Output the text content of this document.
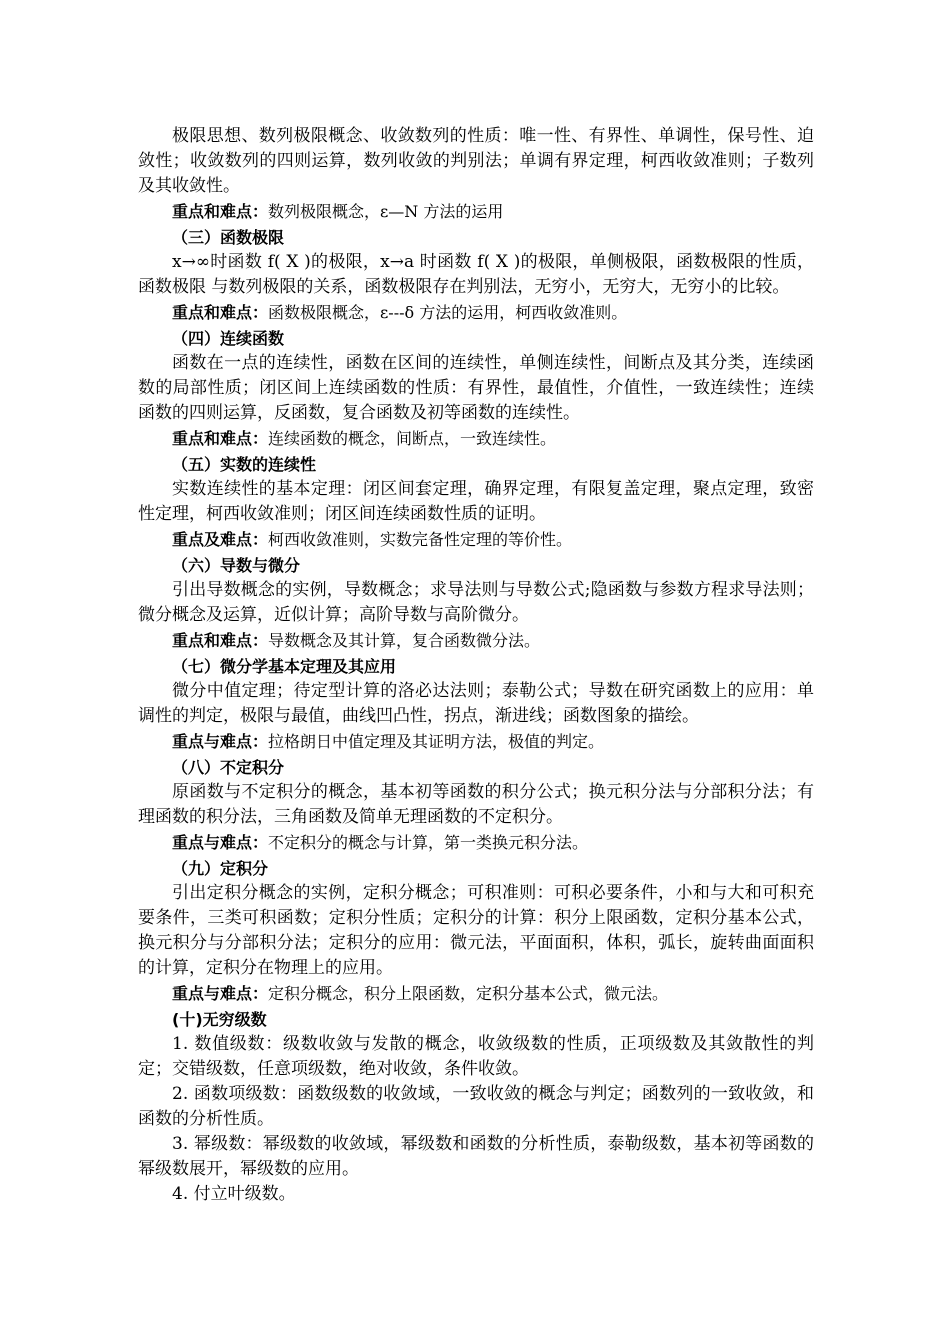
极限思想、数列极限概念、收敛数列的性质：唯一性、有界性、单调性，保号性、迫敛性；收敛数列的四则运算，数列收敛的判别法；单调有界定理，柯西收敛准则；子数列及其收敛性。

重点和难点：数列极限概念，ε—N 方法的运用

（三）函数极限

x→∞时函数 f( X )的极限，x→a 时函数 f( X )的极限，单侧极限，函数极限的性质，函数极限 与数列极限的关系，函数极限存在判别法，无穷小，无穷大，无穷小的比较。

重点和难点：函数极限概念，ε---δ 方法的运用，柯西收敛准则。

（四）连续函数

函数在一点的连续性，函数在区间的连续性，单侧连续性，间断点及其分类，连续函数的局部性质；闭区间上连续函数的性质：有界性，最值性，介值性，一致连续性；连续函数的四则运算，反函数，复合函数及初等函数的连续性。

重点和难点：连续函数的概念，间断点，一致连续性。

（五）实数的连续性

实数连续性的基本定理：闭区间套定理，确界定理，有限复盖定理，聚点定理，致密性定理，柯西收敛准则；闭区间连续函数性质的证明。

重点及难点：柯西收敛准则，实数完备性定理的等价性。

（六）导数与微分

引出导数概念的实例，导数概念；求导法则与导数公式;隐函数与参数方程求导法则；微分概念及运算，近似计算；高阶导数与高阶微分。

重点和难点：导数概念及其计算，复合函数微分法。

（七）微分学基本定理及其应用

微分中值定理；待定型计算的洛必达法则；泰勒公式；导数在研究函数上的应用：单调性的判定，极限与最值，曲线凹凸性，拐点，渐进线；函数图象的描绘。

重点与难点：拉格朗日中值定理及其证明方法，极值的判定。

（八）不定积分

原函数与不定积分的概念，基本初等函数的积分公式；换元积分法与分部积分法；有理函数的积分法，三角函数及简单无理函数的不定积分。

重点与难点：不定积分的概念与计算，第一类换元积分法。

（九）定积分

引出定积分概念的实例，定积分概念；可积准则：可积必要条件，小和与大和可积充要条件，三类可积函数；定积分性质；定积分的计算：积分上限函数，定积分基本公式，换元积分与分部积分法；定积分的应用：微元法，平面面积，体积，弧长，旋转曲面面积的计算，定积分在物理上的应用。

重点与难点：定积分概念，积分上限函数，定积分基本公式，微元法。

(十)无穷级数

1. 数值级数：级数收敛与发散的概念，收敛级数的性质，正项级数及其敛散性的判定；交错级数，任意项级数，绝对收敛，条件收敛。

2. 函数项级数：函数级数的收敛域，一致收敛的概念与判定；函数列的一致收敛，和函数的分析性质。

3. 幂级数：幂级数的收敛域，幂级数和函数的分析性质，泰勒级数，基本初等函数的幂级数展开，幂级数的应用。

4. 付立叶级数。
